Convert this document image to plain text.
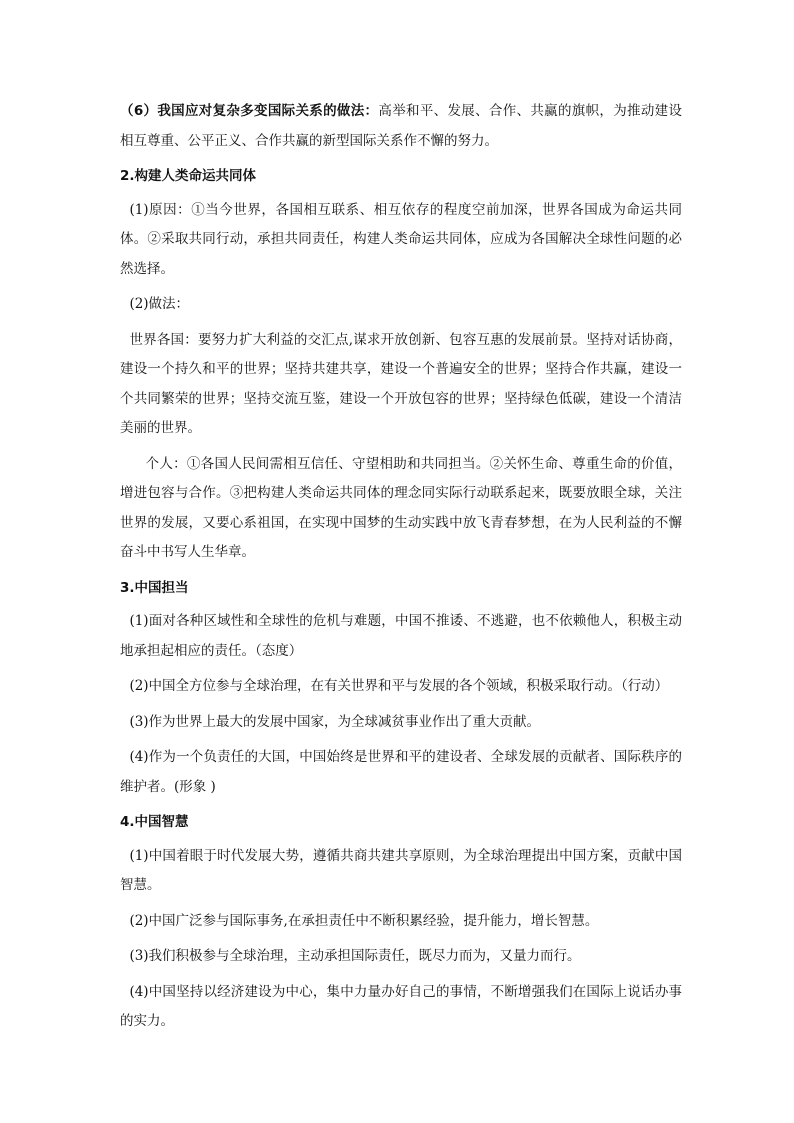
（6）我国应对复杂多变国际关系的做法：高举和平、发展、合作、共赢的旗帜，为推动建设相互尊重、公平正义、合作共赢的新型国际关系作不懈的努力。

2.构建人类命运共同体

(1)原因：①当今世界，各国相互联系、相互依存的程度空前加深，世界各国成为命运共同体。②采取共同行动，承担共同责任，构建人类命运共同体，应成为各国解决全球性问题的必然选择。

(2)做法：

世界各国：要努力扩大利益的交汇点,谋求开放创新、包容互惠的发展前景。坚持对话协商，建设一个持久和平的世界；坚持共建共享，建设一个普遍安全的世界；坚持合作共赢，建设一个共同繁荣的世界；坚持交流互鉴，建设一个开放包容的世界；坚持绿色低碳，建设一个清洁美丽的世界。

个人：①各国人民间需相互信任、守望相助和共同担当。②关怀生命、尊重生命的价值，增进包容与合作。③把构建人类命运共同体的理念同实际行动联系起来，既要放眼全球，关注世界的发展，又要心系祖国，在实现中国梦的生动实践中放飞青春梦想，在为人民利益的不懈奋斗中书写人生华章。

3.中国担当

(1)面对各种区域性和全球性的危机与难题，中国不推诿、不逃避，也不依赖他人，积极主动地承担起相应的责任。（态度）

(2)中国全方位参与全球治理，在有关世界和平与发展的各个领域，积极采取行动。（行动）

(3)作为世界上最大的发展中国家，为全球减贫事业作出了重大贡献。

(4)作为一个负责任的大国，中国始终是世界和平的建设者、全球发展的贡献者、国际秩序的维护者。(形象 )

4.中国智慧

(1)中国着眼于时代发展大势，遵循共商共建共享原则，为全球治理提出中国方案，贡献中国智慧。

(2)中国广泛参与国际事务,在承担责任中不断积累经验，提升能力，增长智慧。

(3)我们积极参与全球治理，主动承担国际责任，既尽力而为，又量力而行。

(4)中国坚持以经济建设为中心，集中力量办好自己的事情，不断增强我们在国际上说话办事的实力。
